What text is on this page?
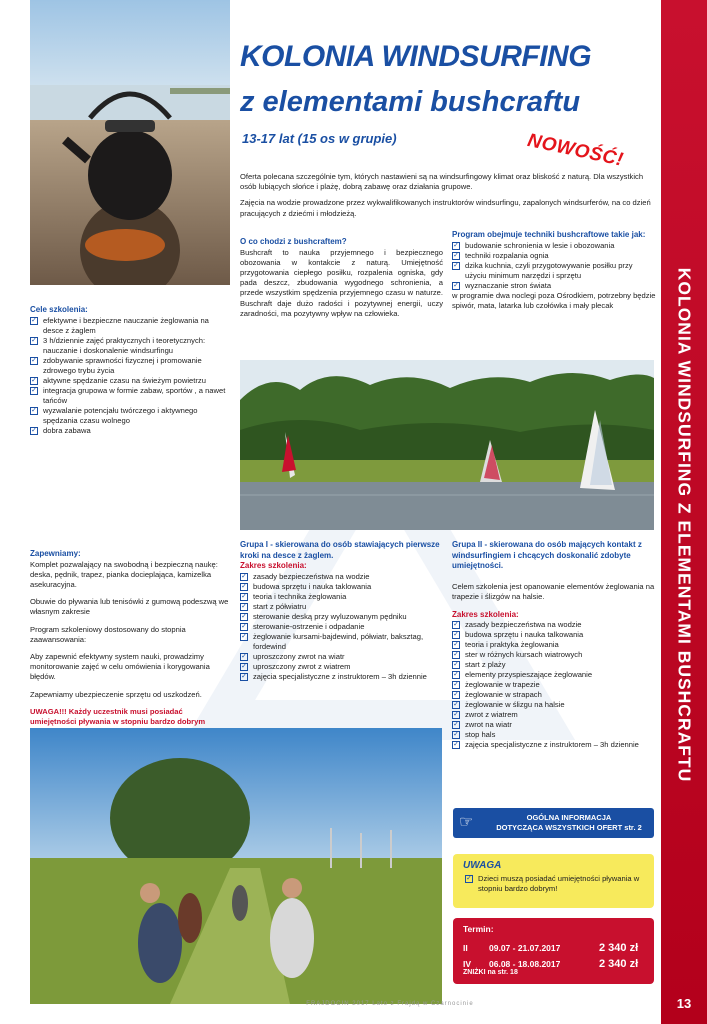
KOLONIA WINDSURFING
z elementami bushcraftu
13-17 lat (15 os w grupie)	NOWOŚĆ!

Oferta polecana szczególnie tym, których nastawieni są na windsurfingowy klimat oraz bliskość z naturą. Dla wszystkich osób lubiących słońce i plażę, dobrą zabawę oraz działania grupowe.

Zajęcia na wodzie prowadzone przez wykwalifikowanych instruktorów windsurfingu, zapalonych windsurferów, na co dzień pracujących z dziećmi i młodzieżą.

O co chodzi z bushcraftem?

Bushcraft to nauka przyjemnego i bezpiecznego obozowania w kontakcie z naturą. Umiejętność przygotowania ciepłego posiłku, rozpalenia ogniska, gdy pada deszcz, zbudowania wygodnego schronienia, a przede wszystkim spędzenia przyjemnego czasu w naturze. Buschraft daje dużo radości i pozytywnej energii, uczy zaradności, ma pozytywny wpływ na człowieka.

Program obejmuje techniki bushcraftowe takie jak:
✓ budowanie schronienia w lesie i obozowania
✓ techniki rozpalania ognia
✓ dzika kuchnia, czyli przygotowywanie posiłku przy użyciu minimum narzędzi i sprzętu
✓ wyznaczanie stron świata

w programie dwa noclegi poza Ośrodkiem, potrzebny będzie spiwór, mata, latarka lub czołówka i mały plecak

Cele szkolenia:
✓ efektywne i bezpieczne nauczanie żeglowania na desce z żaglem
✓ 3 h/dziennie zajęć praktycznych i teoretycznych: nauczanie i doskonalenie windsurfingu
✓ zdobywanie sprawności fizycznej i promowanie zdrowego trybu życia
✓ aktywne spędzanie czasu na świeżym powietrzu
✓ integracja grupowa w formie zabaw, sportów , a nawet tańców
✓ wyzwalanie potencjału twórczego i aktywnego spędzania czasu wolnego
✓ dobra zabawa
Zapewniamy:

Komplet pozwalający na swobodną i bezpieczną naukę: deska, pędnik, trapez, pianka docieplająca, kamizelka asekuracyjna.

Obuwie do pływania lub tenisówki z gumową podeszwą we własnym zakresie

Program szkoleniowy dostosowany do stopnia zaawansowania:

Aby zapewnić efektywny system nauki, prowadzimy monitorowanie zajęć w celu omówienia i korygowania błędów.

Zapewniamy ubezpieczenie sprzętu od uszkodzeń.

UWAGA!!! Każdy uczestnik musi posiadać umiejętności pływania w stopniu bardzo dobrym

Grupa I - skierowana do osób stawiających pierwsze kroki na desce z żaglem.
Zakres szkolenia:
✓ zasady bezpieczeństwa na wodzie
✓ budowa sprzętu i nauka taklowania
✓ teoria i technika żeglowania
✓ start z półwiatru
✓ sterowanie deską przy wyluzowanym pędniku
✓ sterowanie-ostrzenie i odpadanie
✓ żeglowanie kursami-bajdewind, półwiatr, baksztag, fordewind
✓ uproszczony zwrot na wiatr
✓ uproszczony zwrot z wiatrem
✓ zajęcia specjalistyczne z instruktorem – 3h dziennie
Grupa II - skierowana do osób mających kontakt z windsurfingiem i chcących doskonalić zdobyte umiejętności.

Celem szkolenia jest opanowanie elementów żeglowania na trapezie i ślizgów na halsie.

Zakres szkolenia:
✓ zasady bezpieczeństwa na wodzie
✓ budowa sprzętu i nauka talkowania
✓ teoria i praktyka żeglowania
✓ ster w różnych kursach wiatrowych
✓ start z plaży
✓ elementy przyspieszające żeglowanie
✓ żeglowanie w trapezie
✓ żeglowanie w strapach
✓ żeglowanie w ślizgu na halsie
✓ zwrot z wiatrem
✓ zwrot na wiatr
✓ stop hals
✓ zajęcia specjalistyczne z instruktorem – 3h dziennie
☞	OGÓLNA INFORMACJA
DOTYCZĄCA WSZYSTKICH OFERT str. 2
UWAGA
✓ Dzieci muszą posiadać umiejętności pływania w stopniu bardzo dobrym!
Termin:
II	09.07 - 21.07.2017	2 340 zł
IV 06.08 - 18.08.2017	2 340 zł
ZNIŻKI na str. 18
FRAJDOCIN 2017 Lato z Frajdą w Czarnocinie
KOLONIA WINDSURFING Z ELEMENTAMI BUSHCRAFTU
13
